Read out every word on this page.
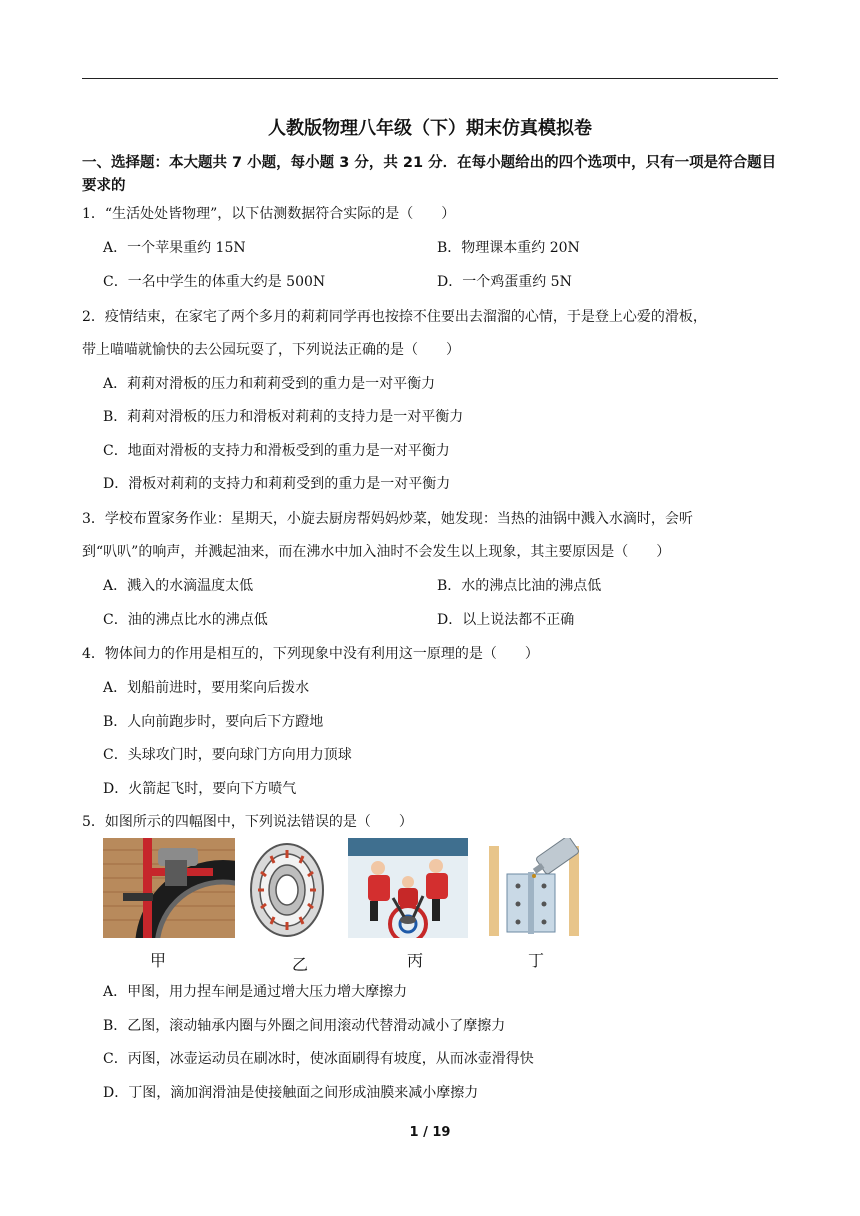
人教版物理八年级（下）期末仿真模拟卷
一、选择题：本大题共 7 小题，每小题 3 分，共 21 分．在每小题给出的四个选项中，只有一项是符合题目要求的
1．“生活处处皆物理”，以下估测数据符合实际的是（　　）
A．一个苹果重约 15N	B．物理课本重约 20N
C．一名中学生的体重大约是 500N	D．一个鸡蛋重约 5N
2．疫情结束，在家宅了两个多月的莉莉同学再也按捺不住要出去溜溜的心情，于是登上心爱的滑板，
带上喵喵就愉快的去公园玩耍了，下列说法正确的是（　　）
A．莉莉对滑板的压力和莉莉受到的重力是一对平衡力
B．莉莉对滑板的压力和滑板对莉莉的支持力是一对平衡力
C．地面对滑板的支持力和滑板受到的重力是一对平衡力
D．滑板对莉莉的支持力和莉莉受到的重力是一对平衡力
3．学校布置家务作业：星期天，小旋去厨房帮妈妈炒菜，她发现：当热的油锅中溅入水滴时，会听
到“叭叭”的响声，并溅起油来，而在沸水中加入油时不会发生以上现象，其主要原因是（　　）
A．溅入的水滴温度太低	B．水的沸点比油的沸点低
C．油的沸点比水的沸点低	D．以上说法都不正确
4．物体间力的作用是相互的，下列现象中没有利用这一原理的是（　　）
A．划船前进时，要用桨向后拨水
B．人向前跑步时，要向后下方蹬地
C．头球攻门时，要向球门方向用力顶球
D．火箭起飞时，要向下方喷气
5．如图所示的四幅图中，下列说法错误的是（　　）
甲	乙	丙	丁
A．甲图，用力捏车闸是通过增大压力增大摩擦力
B．乙图，滚动轴承内圈与外圈之间用滚动代替滑动减小了摩擦力
C．丙图，冰壶运动员在刷冰时，使冰面刷得有坡度，从而冰壶滑得快
D．丁图，滴加润滑油是使接触面之间形成油膜来减小摩擦力
1 / 19
